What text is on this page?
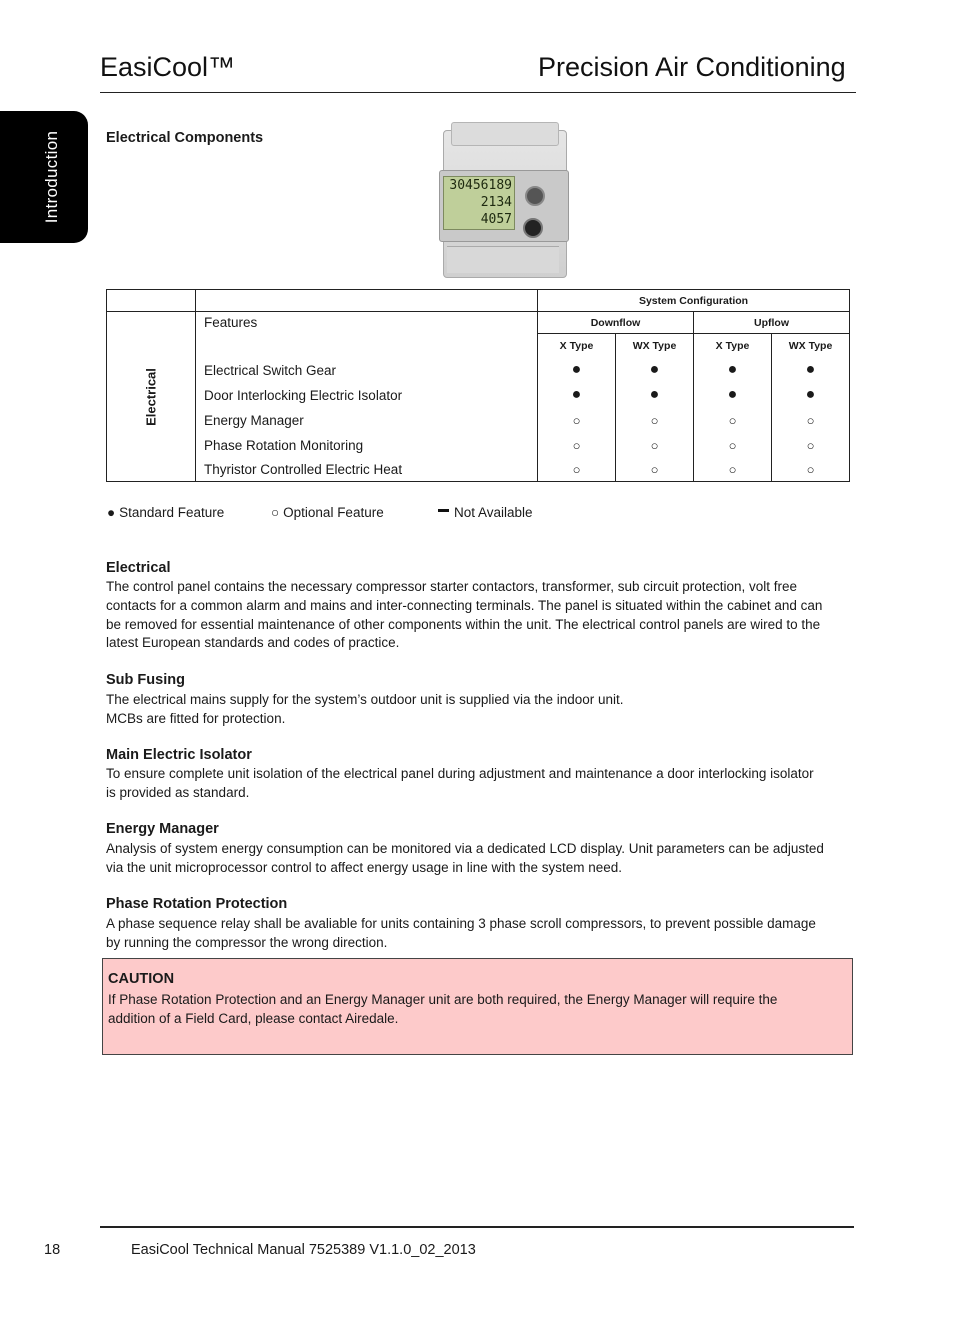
EasiCool™	Precision Air Conditioning
Introduction	Electrical Components
30456189
2134
4057
		System Configuration			

Electrical	Features	Downflow		Upflow	
		X Type	WX Type	X Type	WX Type
	Electrical Switch Gear	●	●	●	●
	Door Interlocking Electric Isolator	●	●	●	●
	Energy Manager	○	○	○	○
	Phase Rotation Monitoring	○	○	○	○
	Thyristor Controlled Electric Heat	○	○	○	○

● Standard Feature	○ Optional Feature	Not Available
Electrical
The control panel contains the necessary compressor starter contactors, transformer, sub circuit protection, volt free
contacts for a common alarm and mains and inter-connecting terminals. The panel is situated within the cabinet and can
be removed for essential maintenance of other components within the unit. The electrical control panels are wired to the
latest European standards and codes of practice.
Sub Fusing
The electrical mains supply for the system’s outdoor unit is supplied via the indoor unit.
MCBs are fitted for protection.
Main Electric Isolator
To ensure complete unit isolation of the electrical panel during adjustment and maintenance a door interlocking isolator
is provided as standard.
Energy Manager
Analysis of system energy consumption can be monitored via a dedicated LCD display. Unit parameters can be adjusted
via the unit microprocessor control to affect energy usage in line with the system need.
Phase Rotation Protection
A phase sequence relay shall be avaliable for units containing 3 phase scroll compressors, to prevent possible damage
by running the compressor the wrong direction.
CAUTION
If Phase Rotation Protection and an Energy Manager unit are both required, the Energy Manager will require the
addition of a Field Card, please contact Airedale.
18	EasiCool Technical Manual 7525389 V1.1.0_02_2013
